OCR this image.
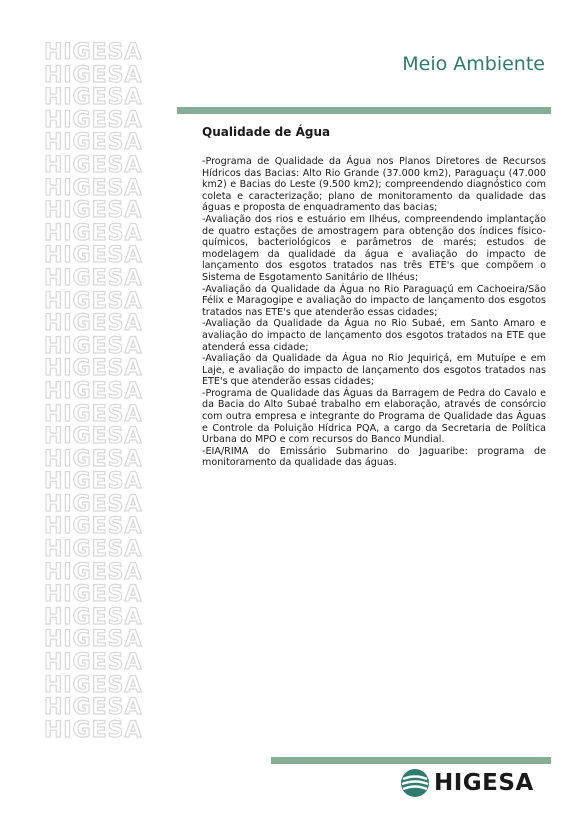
HIGESA
HIGESA
HIGESA
HIGESA
HIGESA
HIGESA
HIGESA
HIGESA
HIGESA
HIGESA
HIGESA
HIGESA
HIGESA
HIGESA
HIGESA
HIGESA
HIGESA
HIGESA
HIGESA
HIGESA
HIGESA
HIGESA
HIGESA
HIGESA
HIGESA
HIGESA
HIGESA
HIGESA
HIGESA
HIGESA
HIGESA
Meio Ambiente
Qualidade de Água

-Programa de Qualidade da Água nos Planos Diretores de Recursos Hídricos das Bacias: Alto Rio Grande (37.000 km2), Paraguaçu (47.000 km2) e Bacias do Leste (9.500 km2); compreendendo diagnóstico com coleta e caracterização; plano de monitoramento da qualidade das águas e proposta de enquadramento das bacias;

-Avaliação dos rios e estuário em Ilhéus, compreendendo implantação de quatro estações de amostragem para obtenção dos índices físico-químicos, bacteriológicos e parâmetros de marés; estudos de modelagem da qualidade da água e avaliação do impacto de lançamento dos esgotos tratados nas três ETE's que compõem o Sistema de Esgotamento Sanitário de Ilhéus;

-Avaliação da Qualidade da Água no Rio Paraguaçú em Cachoeira/São Félix e Maragogipe e avaliação do impacto de lançamento dos esgotos tratados nas ETE's que atenderão essas cidades;

-Avaliação da Qualidade da Água no Rio Subaé, em Santo Amaro e avaliação do impacto de lançamento dos esgotos tratados na ETE que atenderá essa cidade;

-Avaliação da Qualidade da Água no Rio Jequiriçá, em Mutuípe e em Laje, e avaliação do impacto de lançamento dos esgotos tratados nas ETE's que atenderão essas cidades;

-Programa de Qualidade das Águas da Barragem de Pedra do Cavalo e da Bacia do Alto Subaé trabalho em elaboração, através de consórcio com outra empresa e integrante do Programa de Qualidade das Águas e Controle da Poluição Hídrica PQA, a cargo da Secretaria de Política Urbana do MPO e com recursos do Banco Mundial.

-EIA/RIMA do Emissário Submarino do Jaguaribe: programa de monitoramento da qualidade das águas.

HIGESA
